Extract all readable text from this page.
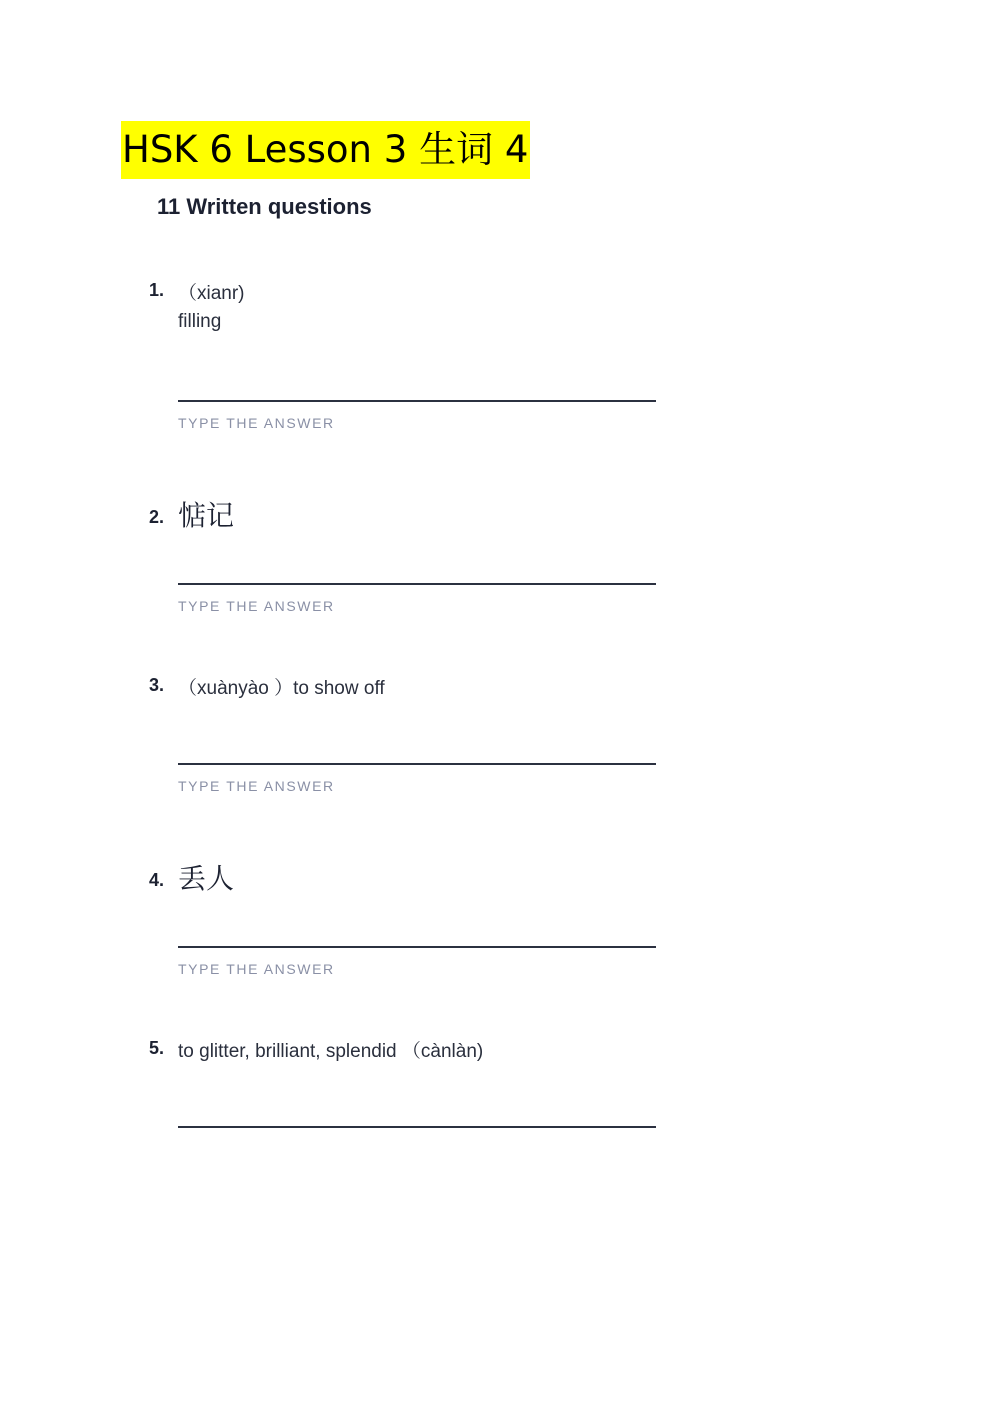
HSK 6 Lesson 3 生词 4
11 Written questions
1. （xianr)
filling
TYPE THE ANSWER
2. 惦记
TYPE THE ANSWER
3. （xuànyào ）to show off
TYPE THE ANSWER
4. 丢人
TYPE THE ANSWER
5. to glitter, brilliant, splendid （cànlàn)
